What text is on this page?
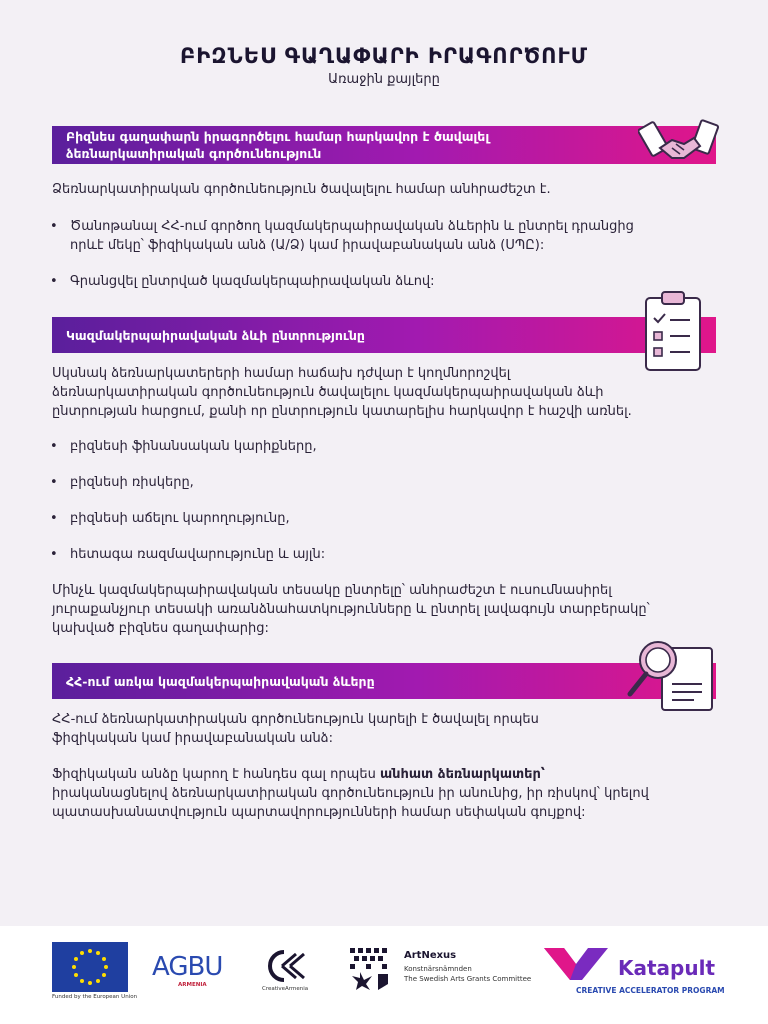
ԲԻԶՆԵՍ ԳԱՂԱՓԱՐԻ ԻՐԱԳՈՐԾՈՒՄ
Առաջին քայլերը
Բիզնես գաղափարն իրագործելու համար հարկավոր է ծավալել
ձեռնարկատիրական գործունեություն
Ձեռնարկատիրական գործունեություն ծավալելու համար անհրաժեշտ է.
• Ծանոթանալ ՀՀ-ում գործող կազմակերպաիրավական ձևերին և ընտրել դրանցից
որևէ մեկը՝ ֆիզիկական անձ (Ա/Ձ) կամ իրավաբանական անձ (ՍՊԸ):
• Գրանցվել ընտրված կազմակերպաիրավական ձևով:
Կազմակերպաիրավական ձևի ընտրությունը
Սկսնակ ձեռնարկատերերի համար հաճախ դժվար է կողմնորոշվել
ձեռնարկատիրական գործունեություն ծավալելու կազմակերպաիրավական ձևի
ընտրության հարցում, քանի որ ընտրություն կատարելիս հարկավոր է հաշվի առնել.
• բիզնեսի ֆինանսական կարիքները,
• բիզնեսի ռիսկերը,
• բիզնեսի աճելու կարողությունը,
• հետագա ռազմավարությունը և այլն:
Մինչև կազմակերպաիրավական տեսակը ընտրելը՝ անհրաժեշտ է ուսումնասիրել
յուրաքանչյուր տեսակի առանձնահատկությունները և ընտրել լավագույն տարբերակը՝
կախված բիզնես գաղափարից:
ՀՀ-ում առկա կազմակերպաիրավական ձևերը
ՀՀ-ում ձեռնարկատիրական գործունեություն կարելի է ծավալել որպես
ֆիզիկական կամ իրավաբանական անձ:
Ֆիզիկական անձը կարող է հանդես գալ որպես անհատ ձեռնարկատեր՝
իրականացնելով ձեռնարկատիրական գործունեություն իր անունից, իր ռիսկով՝ կրելով
պատասխանատվություն պարտավորությունների համար սեփական գույքով:
Funded by the European Union
AGBU
ARMENIA
CreativeArmenia
ArtNexus
Konstnärsnämnden
The Swedish Arts Grants Committee	Katapult
CREATIVE ACCELERATOR PROGRAM
